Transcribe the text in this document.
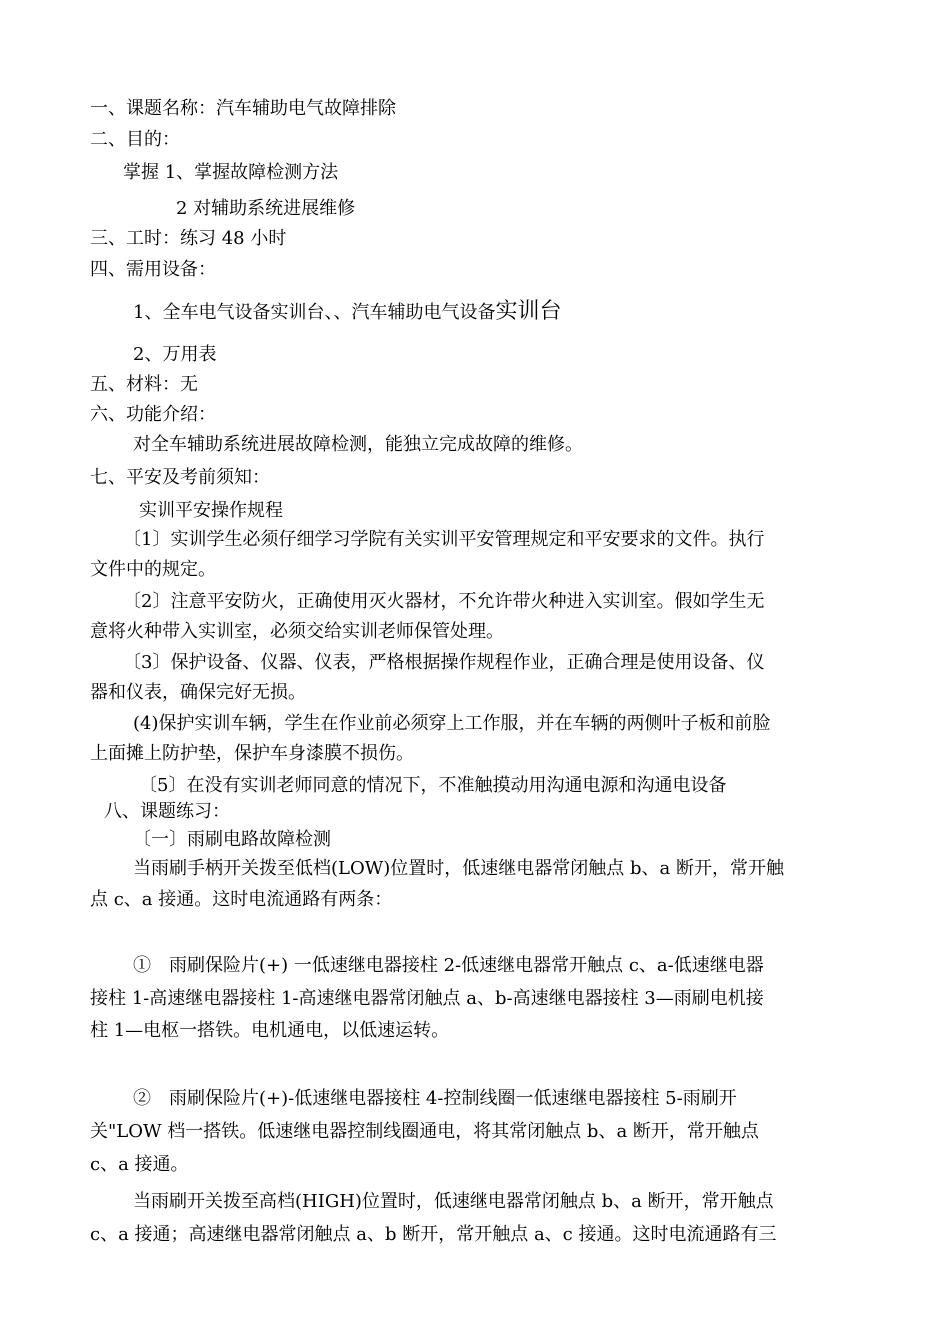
一、课题名称：汽车辅助电气故障排除
二、目的：
掌握 1、掌握故障检测方法
2 对辅助系统进展维修
三、工时：练习 48 小时
四、需用设备：
1、全车电气设备实训台、、汽车辅助电气设备实训台
2、万用表
五、材料：无
六、功能介绍：
对全车辅助系统进展故障检测，能独立完成故障的维修。
七、平安及考前须知：
实训平安操作规程
〔1〕实训学生必须仔细学习学院有关实训平安管理规定和平安要求的文件。执行
文件中的规定。
〔2〕注意平安防火，正确使用灭火器材，不允许带火种进入实训室。假如学生无
意将火种带入实训室，必须交给实训老师保管处理。
〔3〕保护设备、仪器、仪表，严格根据操作规程作业，正确合理是使用设备、仪
器和仪表，确保完好无损。
(4)保护实训车辆，学生在作业前必须穿上工作服，并在车辆的两侧叶子板和前脸
上面摊上防护垫，保护车身漆膜不损伤。
〔5〕在没有实训老师同意的情况下，不准触摸动用沟通电源和沟通电设备
八、课题练习：
〔一〕雨刷电路故障检测
当雨刷手柄开关拨至低档(LOW)位置时，低速继电器常闭触点 b、a 断开，常开触
点 c、a 接通。这时电流通路有两条：
①　雨刷保险片(+) 一低速继电器接柱 2-低速继电器常开触点 c、a-低速继电器
接柱 1-高速继电器接柱 1-高速继电器常闭触点 a、b-高速继电器接柱 3—雨刷电机接
柱 1—电枢一搭铁。电机通电，以低速运转。
②　雨刷保险片(+)-低速继电器接柱 4-控制线圈一低速继电器接柱 5-雨刷开
关"LOW 档一搭铁。低速继电器控制线圈通电，将其常闭触点 b、a 断开，常开触点
c、a 接通。
当雨刷开关拨至高档(HIGH)位置时，低速继电器常闭触点 b、a 断开，常开触点
c、a 接通；高速继电器常闭触点 a、b 断开，常开触点 a、c 接通。这时电流通路有三
